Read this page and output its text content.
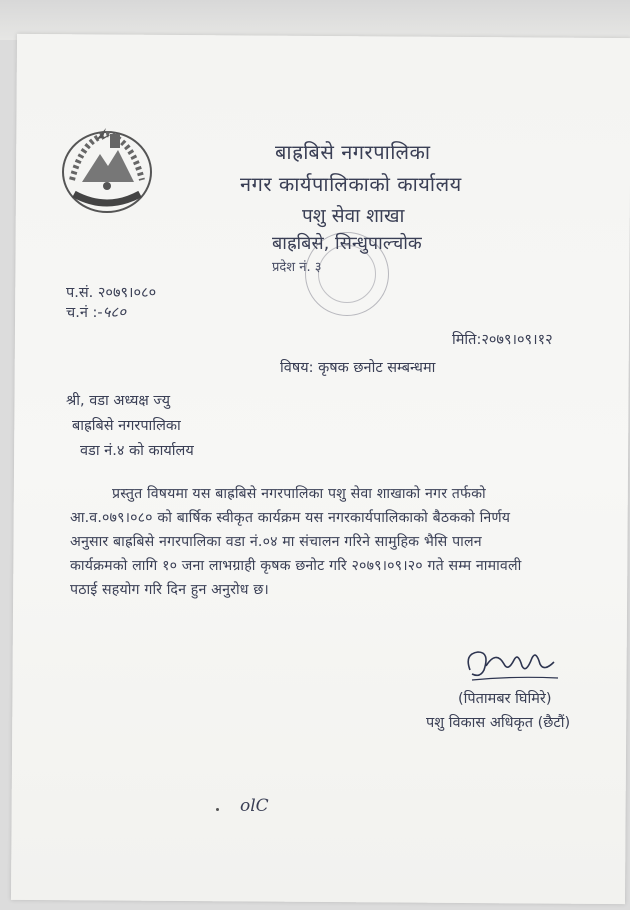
बाह्रबिसे नगरपालिका
नगर कार्यपालिकाको कार्यालय
पशु सेवा शाखा
बाह्रबिसे, सिन्धुपाल्चोक
प्रदेश नं. ३
प.सं. २०७९।०८०
च.नं :-५८०
मिति:२०७९।०९।१२
विषय: कृषक छनोट सम्बन्धमा
श्री, वडा अध्यक्ष ज्यु
बाह्रबिसे नगरपालिका
वडा नं.४ को कार्यालय
प्रस्तुत विषयमा यस बाह्रबिसे नगरपालिका पशु सेवा शाखाको नगर तर्फको
आ.व.०७९।०८० को बार्षिक स्वीकृत कार्यक्रम यस नगरकार्यपालिकाको बैठकको निर्णय
अनुसार बाह्रबिसे नगरपालिका वडा नं.०४ मा संचालन गरिने सामुहिक भैसि पालन
कार्यक्रमको लागि १० जना लाभग्राही कृषक छनोट गरि २०७९।०९।२० गते सम्म नामावली
पठाई सहयोग गरि दिन हुन अनुरोध छ।
(पितामबर घिमिरे)
पशु विकास अधिकृत (छैटौं)
olC
